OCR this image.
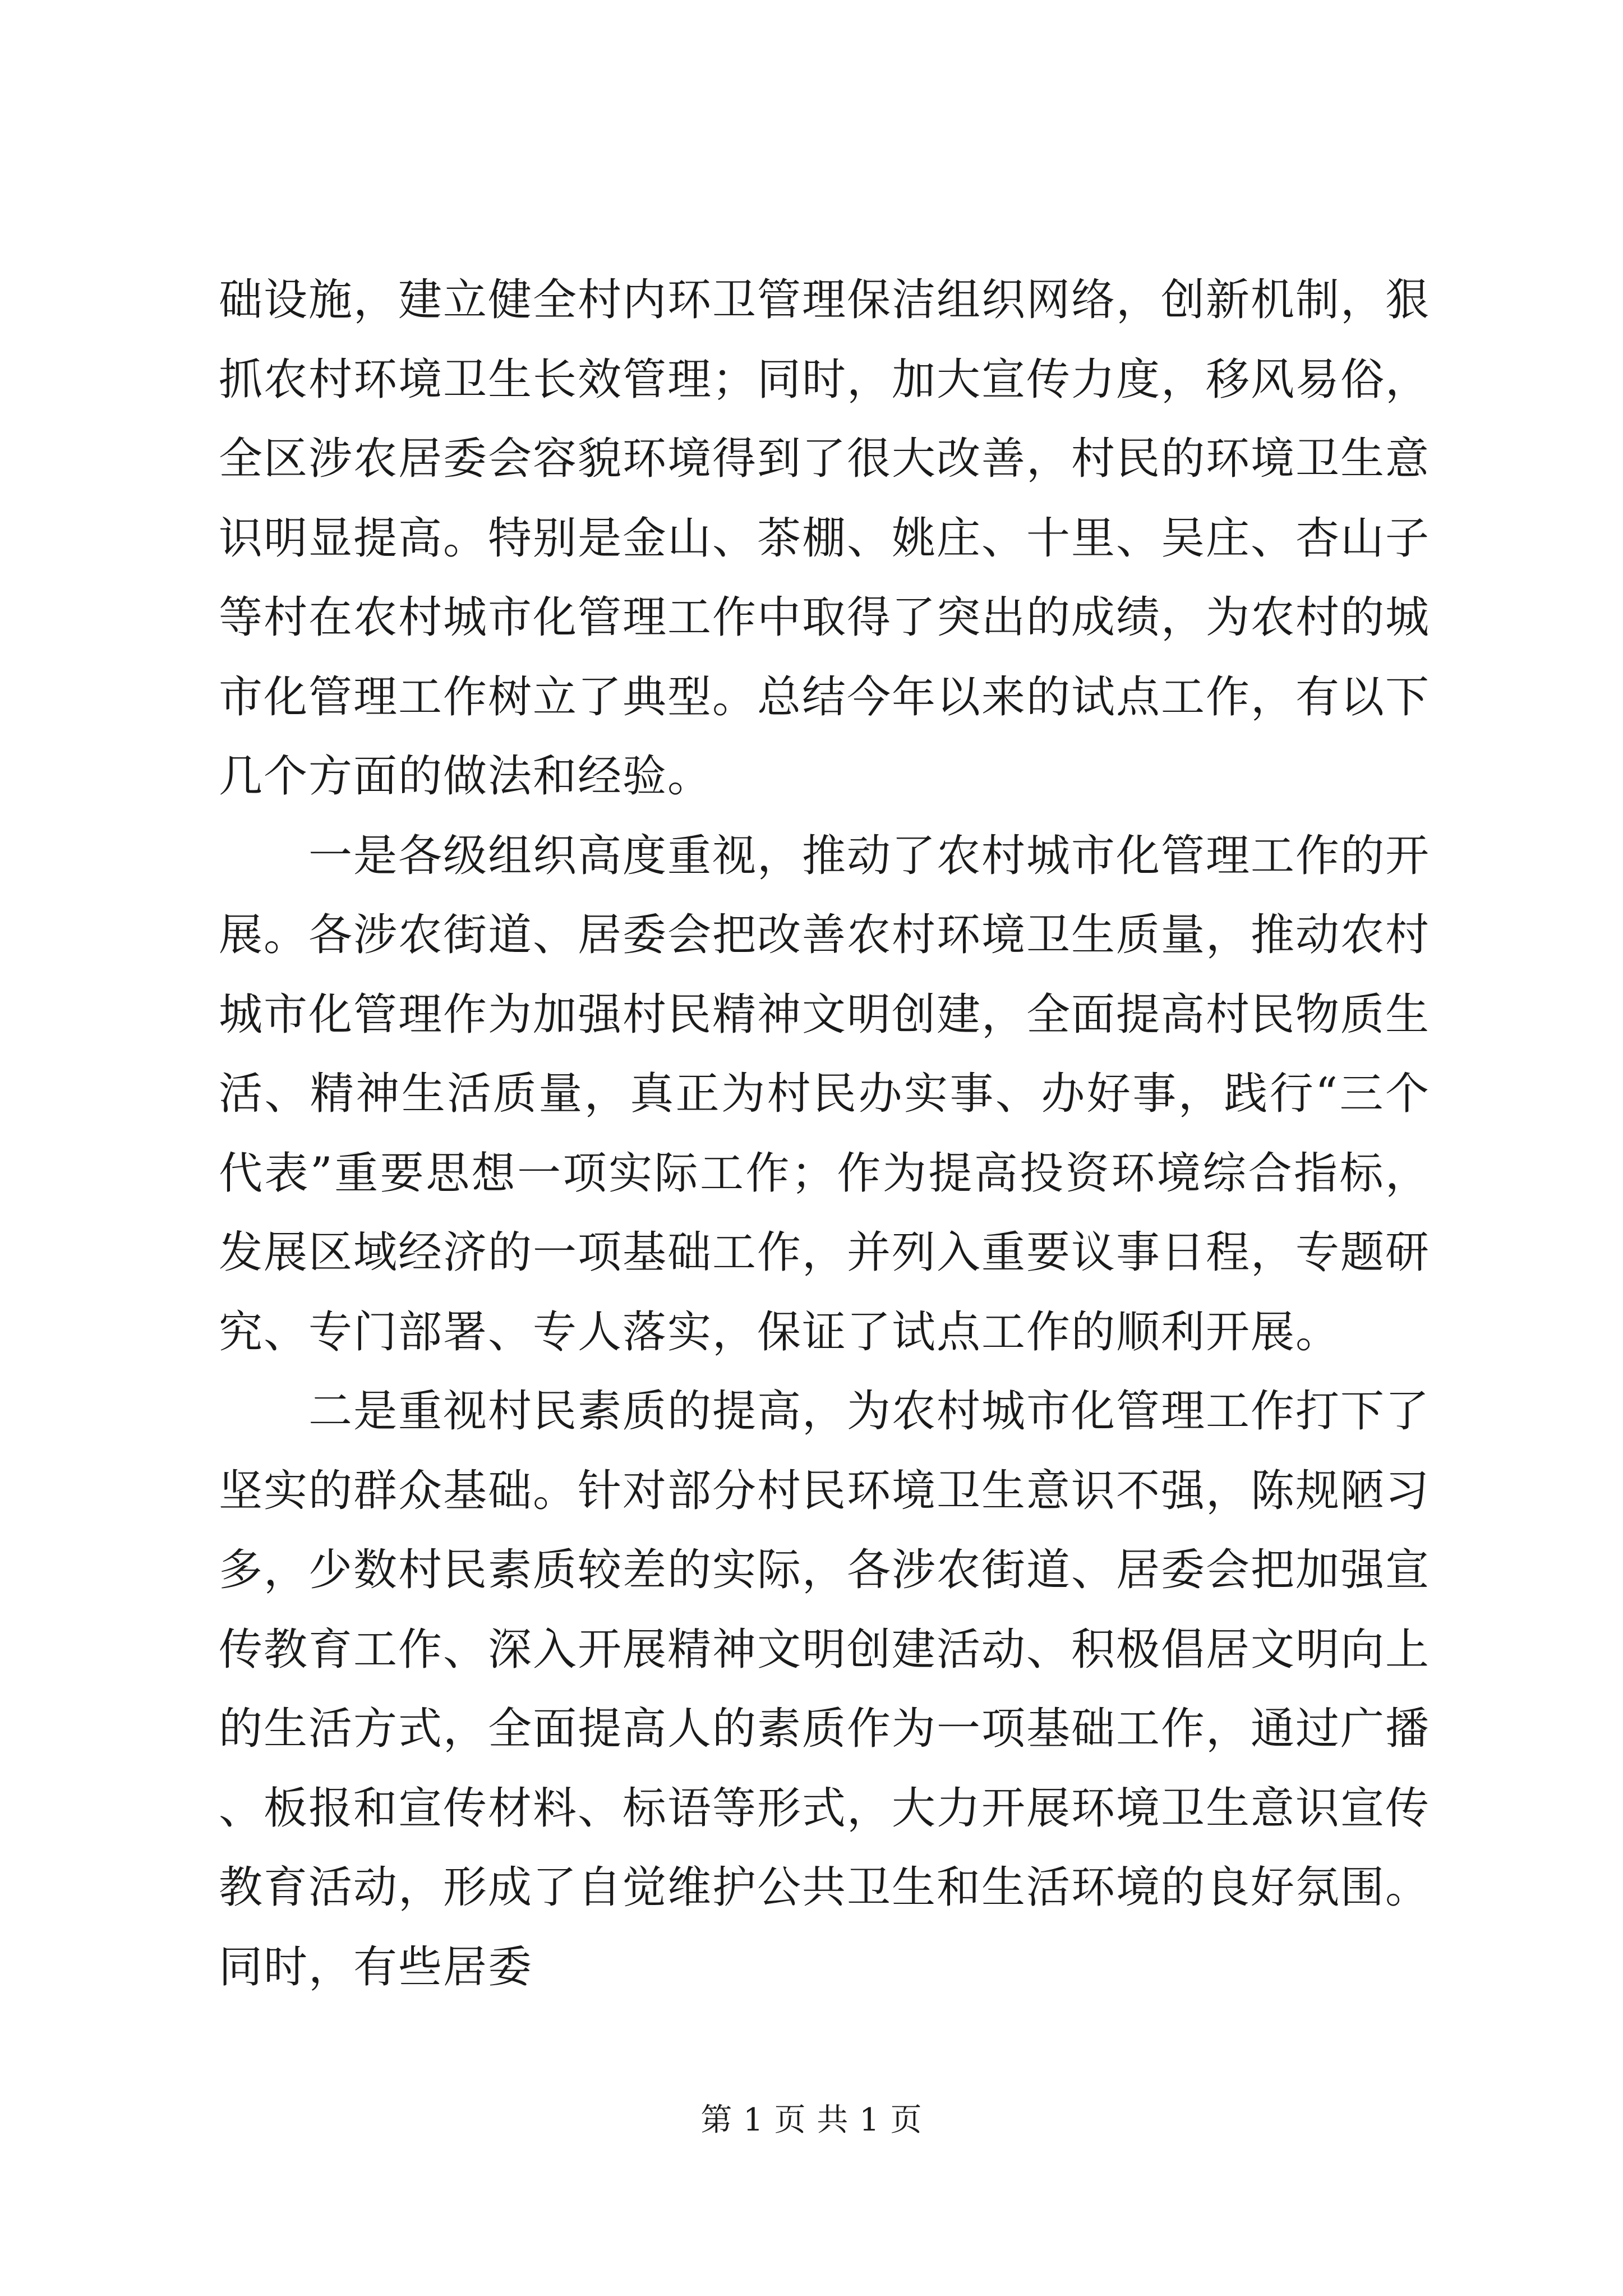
础设施，建立健全村内环卫管理保洁组织网络，创新机制，狠抓农村环境卫生长效管理；同时，加大宣传力度，移风易俗，全区涉农居委会容貌环境得到了很大改善，村民的环境卫生意识明显提高。特别是金山、茶棚、姚庄、十里、吴庄、杏山子等村在农村城市化管理工作中取得了突出的成绩，为农村的城市化管理工作树立了典型。总结今年以来的试点工作，有以下几个方面的做法和经验。

一是各级组织高度重视，推动了农村城市化管理工作的开展。各涉农街道、居委会把改善农村环境卫生质量，推动农村城市化管理作为加强村民精神文明创建，全面提高村民物质生活、精神生活质量，真正为村民办实事、办好事，践行“三个代表”重要思想一项实际工作；作为提高投资环境综合指标，发展区域经济的一项基础工作，并列入重要议事日程，专题研究、专门部署、专人落实，保证了试点工作的顺利开展。

二是重视村民素质的提高，为农村城市化管理工作打下了坚实的群众基础。针对部分村民环境卫生意识不强，陈规陋习多，少数村民素质较差的实际，各涉农街道、居委会把加强宣传教育工作、深入开展精神文明创建活动、积极倡居文明向上的生活方式，全面提高人的素质作为一项基础工作，通过广播、板报和宣传材料、标语等形式，大力开展环境卫生意识宣传教育活动，形成了自觉维护公共卫生和生活环境的良好氛围。同时，有些居委

第 1 页 共 1 页
